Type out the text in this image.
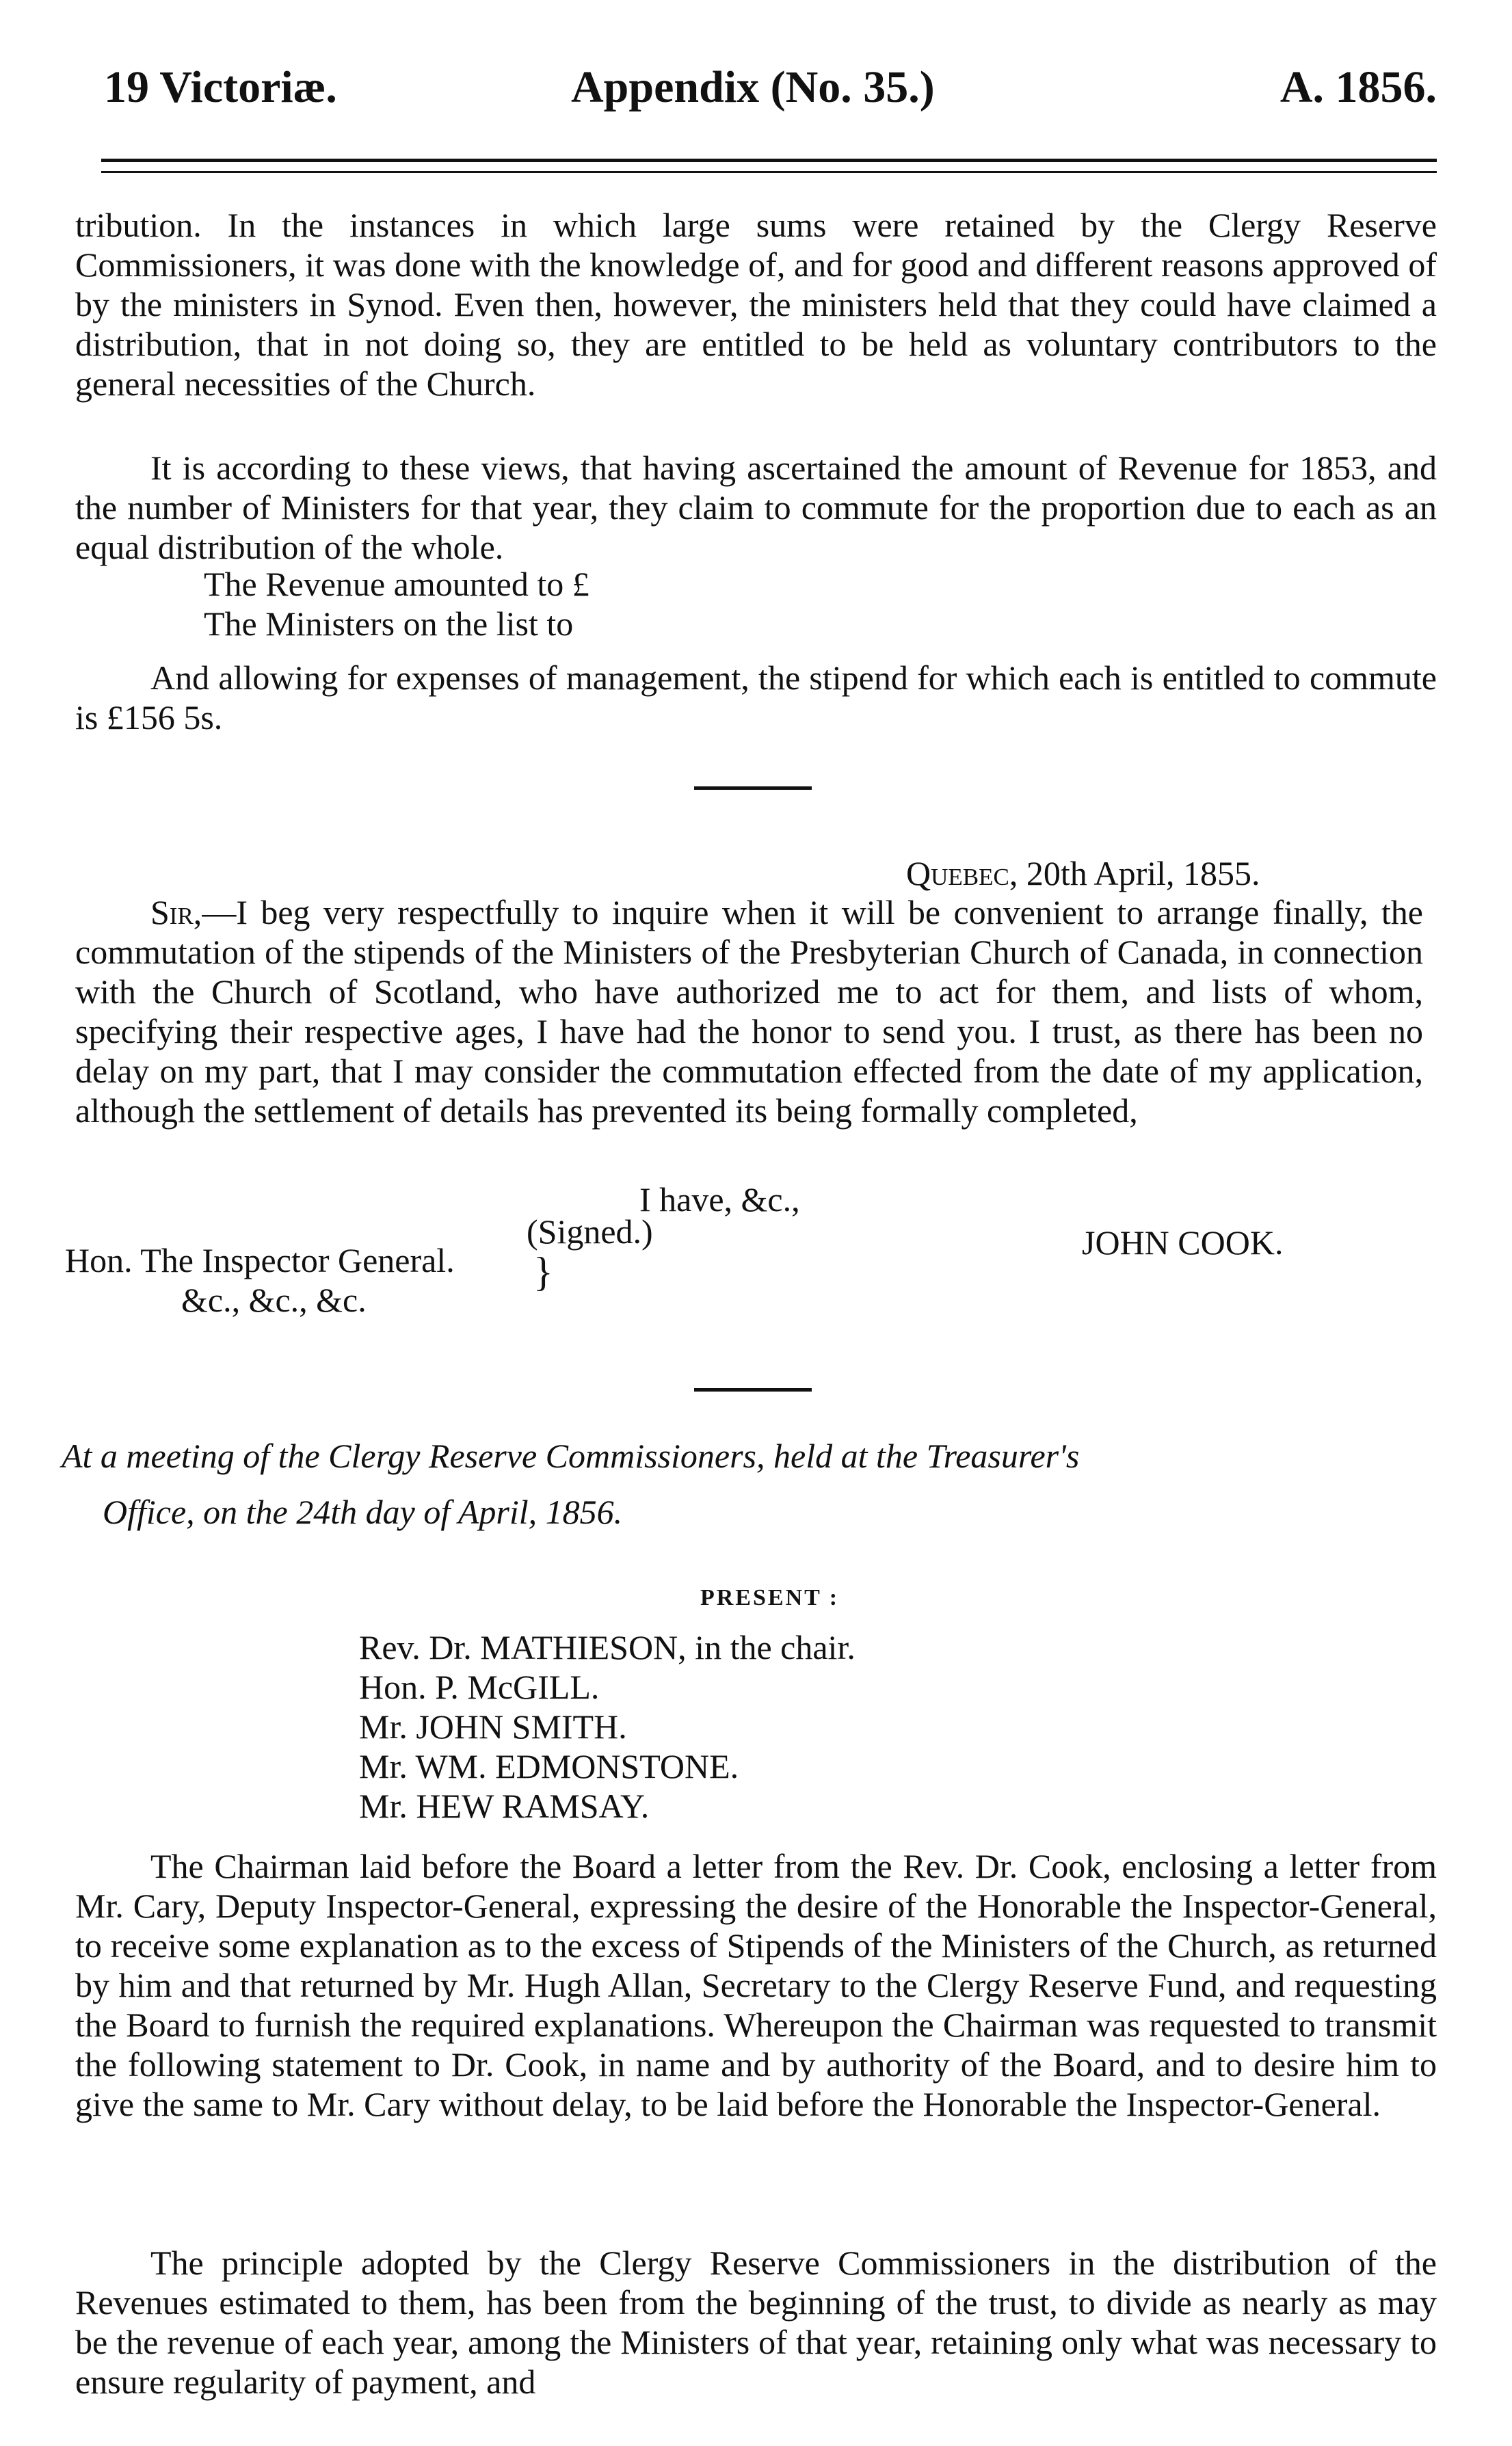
19 Victoriæ.	Appendix (No. 35.)	A. 1856.

tribution. In the instances in which large sums were retained by the Clergy Reserve Commissioners, it was done with the knowledge of, and for good and different reasons approved of by the ministers in Synod. Even then, however, the ministers held that they could have claimed a distribution, that in not doing so, they are entitled to be held as voluntary contributors to the general necessities of the Church.

It is according to these views, that having ascertained the amount of Revenue for 1853, and the number of Ministers for that year, they claim to commute for the proportion due to each as an equal distribution of the whole.

The Revenue amounted to £
The Ministers on the list to

And allowing for expenses of management, the stipend for which each is entitled to commute is £156 5s.

Quebec, 20th April, 1855.

Sir,—I beg very respectfully to inquire when it will be convenient to arrange finally, the commutation of the stipends of the Ministers of the Presbyterian Church of Canada, in connection with the Church of Scotland, who have authorized me to act for them, and lists of whom, specifying their respective ages, I have had the honor to send you. I trust, as there has been no delay on my part, that I may consider the commutation effected from the date of my application, although the settlement of details has prevented its being formally completed,

I have, &c.,
(Signed.)	JOHN COOK.
Hon. The Inspector General. }
&c., &c., &c.
At a meeting of the Clergy Reserve Commissioners, held at the Treasurer's
Office, on the 24th day of April, 1856.
PRESENT :
Rev. Dr. MATHIESON, in the chair.
Hon. P. McGILL.
Mr. JOHN SMITH.
Mr. WM. EDMONSTONE.
Mr. HEW RAMSAY.

The Chairman laid before the Board a letter from the Rev. Dr. Cook, enclosing a letter from Mr. Cary, Deputy Inspector-General, expressing the desire of the Honorable the Inspector-General, to receive some explanation as to the excess of Stipends of the Ministers of the Church, as returned by him and that returned by Mr. Hugh Allan, Secretary to the Clergy Reserve Fund, and requesting the Board to furnish the required explanations. Whereupon the Chairman was requested to transmit the following statement to Dr. Cook, in name and by authority of the Board, and to desire him to give the same to Mr. Cary without delay, to be laid before the Honorable the Inspector-General.

The principle adopted by the Clergy Reserve Commissioners in the distribution of the Revenues estimated to them, has been from the beginning of the trust, to divide as nearly as may be the revenue of each year, among the Ministers of that year, retaining only what was necessary to ensure regularity of payment, and
